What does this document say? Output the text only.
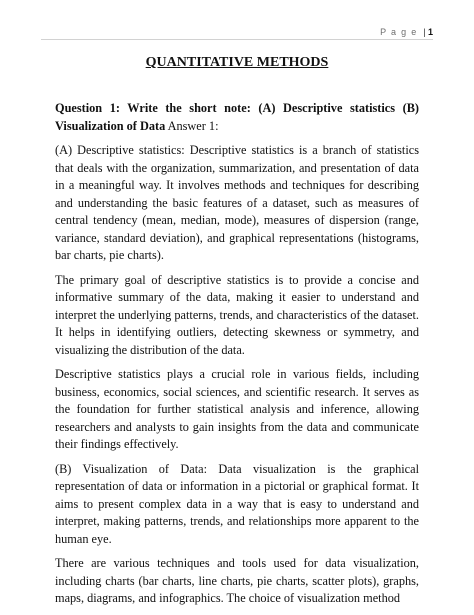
P a g e |1
QUANTITATIVE METHODS

Question 1: Write the short note: (A) Descriptive statistics (B) Visualization of Data Answer 1:

(A) Descriptive statistics: Descriptive statistics is a branch of statistics that deals with the organization, summarization, and presentation of data in a meaningful way. It involves methods and techniques for describing and understanding the basic features of a dataset, such as measures of central tendency (mean, median, mode), measures of dispersion (range, variance, standard deviation), and graphical representations (histograms, bar charts, pie charts).

The primary goal of descriptive statistics is to provide a concise and informative summary of the data, making it easier to understand and interpret the underlying patterns, trends, and characteristics of the dataset. It helps in identifying outliers, detecting skewness or symmetry, and visualizing the distribution of the data.

Descriptive statistics plays a crucial role in various fields, including business, economics, social sciences, and scientific research. It serves as the foundation for further statistical analysis and inference, allowing researchers and analysts to gain insights from the data and communicate their findings effectively.

(B) Visualization of Data: Data visualization is the graphical representation of data or information in a pictorial or graphical format. It aims to present complex data in a way that is easy to understand and interpret, making patterns, trends, and relationships more apparent to the human eye.

There are various techniques and tools used for data visualization, including charts (bar charts, line charts, pie charts, scatter plots), graphs, maps, diagrams, and infographics. The choice of visualization method
